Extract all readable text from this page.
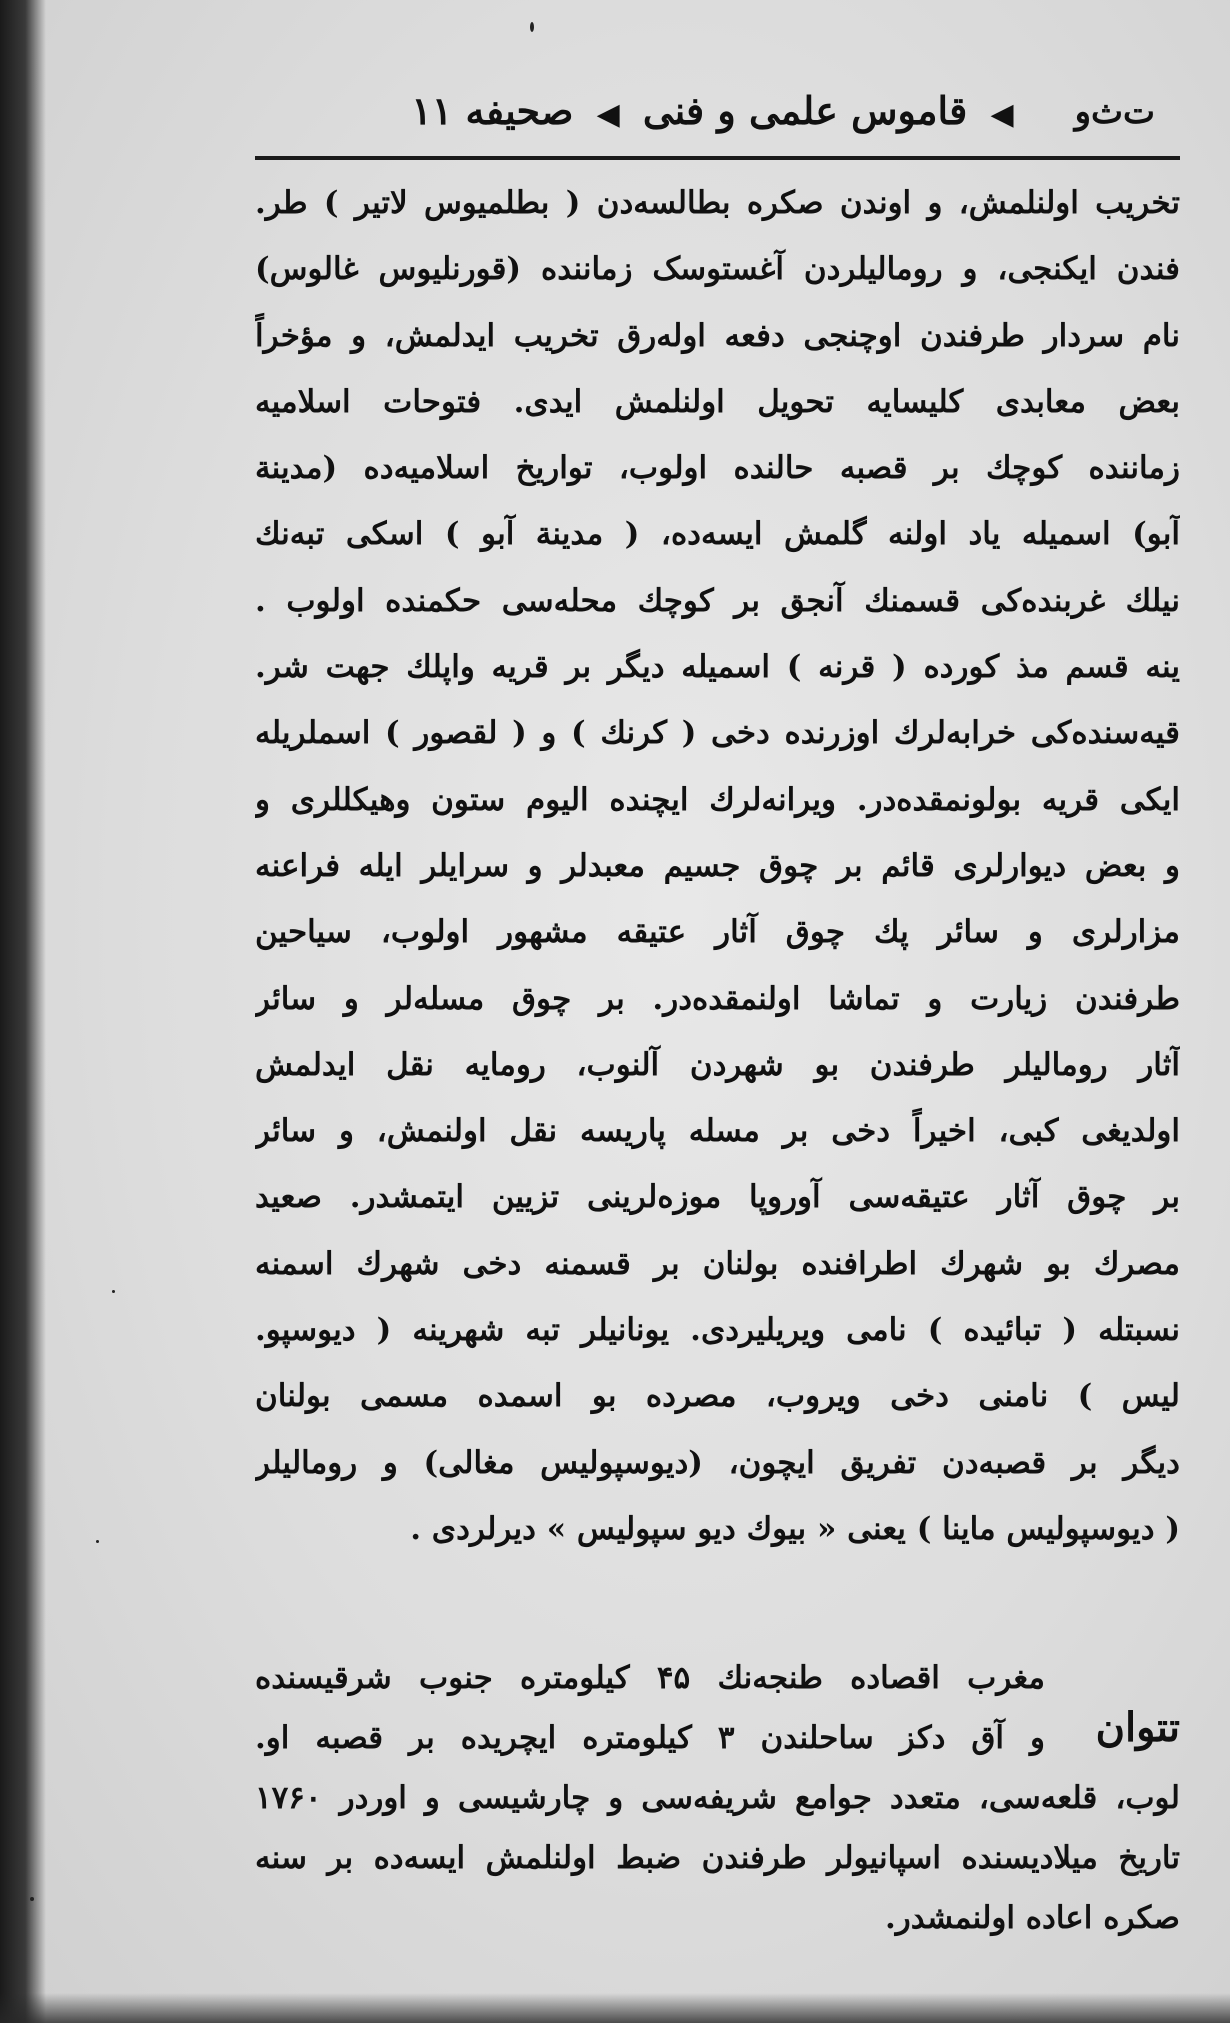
ت‌ث‌و
◀ قاموس علمی و فنی ◀ صحیفه ۱۱
تخریب اولنلمش، و اوندن صکره بطالسه‌دن ( بطلمیوس لاتیر ) طر.
فندن ایکنجی، و رومالیلردن آغستوسک زماننده (قورنلیوس غالوس)
نام سردار طرفندن اوچنجی دفعه اوله‌رق تخریب ایدلمش، و مؤخراً
بعض معابدی کلیسایه تحویل اولنلمش ایدی. فتوحات اسلامیه
زماننده کوچك بر قصبه حالنده اولوب، تواریخ اسلامیه‌ده (مدینة
آبو) اسمیله یاد اولنه گلمش ایسه‌ده، ( مدینة آبو ) اسکی تبه‌نك
نیلك غربنده‌کی قسمنك آنجق بر کوچك محله‌سی حکمنده اولوب .
ینه قسم مذ کورده ( قرنه ) اسمیله دیگر بر قریه واپلك جهت شر.
قیه‌سنده‌کی خرابه‌لرك اوزرنده دخی ( کرنك ) و ( لقصور ) اسملریله
ایکی قریه بولونمقده‌در. ویرانه‌لرك ایچنده الیوم ستون وهیکللری و
و بعض دیوارلری قائم بر چوق جسیم معبدلر و سرایلر ایله فراعنه
مزارلری و سائر پك چوق آثار عتیقه مشهور اولوب، سیاحین
طرفندن زیارت و تماشا اولنمقده‌در. بر چوق مسله‌لر و سائر
آثار رومالیلر طرفندن بو شهردن آلنوب، رومایه نقل ایدلمش
اولدیغی کبی، اخیراً دخی بر مسله پاریسه نقل اولنمش، و سائر
بر چوق آثار عتیقه‌سی آوروپا موزه‌لرینی تزیین ایتمشدر. صعید
مصرك بو شهرك اطرافنده بولنان بر قسمنه دخی شهرك اسمنه
نسبتله ( تبائیده ) نامی ویریلیردی. یونانیلر تبه شهرینه ( دیوسپو.
لیس ) نامنی دخی ویروب، مصرده بو اسمده مسمی بولنان
دیگر بر قصبه‌دن تفریق ایچون، (دیوسپولیس مغالی) و رومالیلر
( دیوسپولیس ماینا ) یعنی « بیوك دیو سپولیس » دیرلردی .
تتوان
مغرب اقصاده طنجه‌نك ۴۵ کیلومتره جنوب شرقیسنده
و آق دکز ساحلندن ۳ کیلومتره ایچریده بر قصبه او.
لوب، قلعه‌سی، متعدد جوامع شریفه‌سی و چارشیسی و اوردر ۱۷۶۰
تاریخ میلادیسنده اسپانیولر طرفندن ضبط اولنلمش ایسه‌ده بر سنه
صکره اعاده اولنمشدر.
